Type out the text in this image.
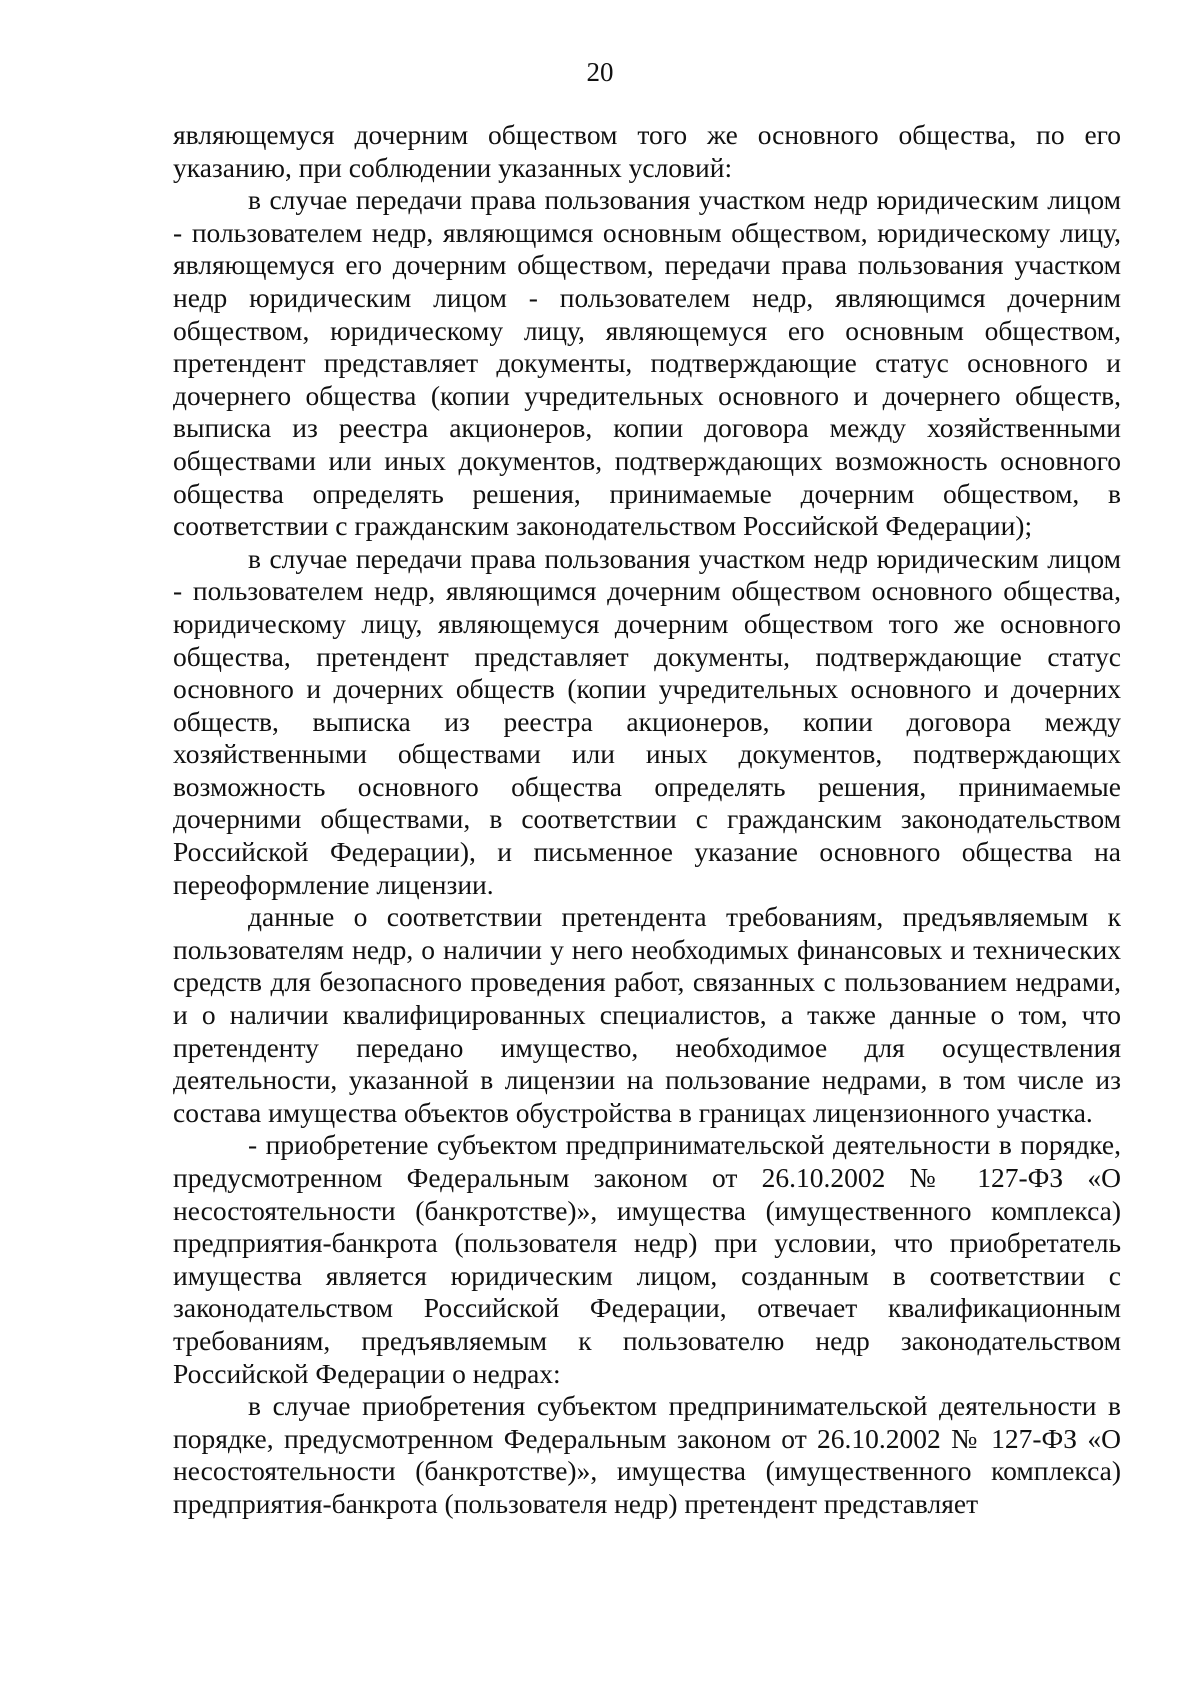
20

являющемуся дочерним обществом того же основного общества, по его указанию, при соблюдении указанных условий:

в случае передачи права пользования участком недр юридическим лицом - пользователем недр, являющимся основным обществом, юридическому лицу, являющемуся его дочерним обществом, передачи права пользования участком недр юридическим лицом - пользователем недр, являющимся дочерним обществом, юридическому лицу, являющемуся его основным обществом, претендент представляет документы, подтверждающие статус основного и дочернего общества (копии учредительных основного и дочернего обществ, выписка из реестра акционеров, копии договора между хозяйственными обществами или иных документов, подтверждающих возможность основного общества определять решения, принимаемые дочерним обществом, в соответствии с гражданским законодательством Российской Федерации);

в случае передачи права пользования участком недр юридическим лицом - пользователем недр, являющимся дочерним обществом основного общества, юридическому лицу, являющемуся дочерним обществом того же основного общества, претендент представляет документы, подтверждающие статус основного и дочерних обществ (копии учредительных основного и дочерних обществ, выписка из реестра акционеров, копии договора между хозяйственными обществами или иных документов, подтверждающих возможность основного общества определять решения, принимаемые дочерними обществами, в соответствии с гражданским законодательством Российской Федерации), и письменное указание основного общества на переоформление лицензии.

данные о соответствии претендента требованиям, предъявляемым к пользователям недр, о наличии у него необходимых финансовых и технических средств для безопасного проведения работ, связанных с пользованием недрами, и о наличии квалифицированных специалистов, а также данные о том, что претенденту передано имущество, необходимое для осуществления деятельности, указанной в лицензии на пользование недрами, в том числе из состава имущества объектов обустройства в границах лицензионного участка.

- приобретение субъектом предпринимательской деятельности в порядке, предусмотренном Федеральным законом от 26.10.2002 № 127-ФЗ «О несостоятельности (банкротстве)», имущества (имущественного комплекса) предприятия-банкрота (пользователя недр) при условии, что приобретатель имущества является юридическим лицом, созданным в соответствии с законодательством Российской Федерации, отвечает квалификационным требованиям, предъявляемым к пользователю недр законодательством Российской Федерации о недрах:

в случае приобретения субъектом предпринимательской деятельности в порядке, предусмотренном Федеральным законом от 26.10.2002 № 127-ФЗ «О несостоятельности (банкротстве)», имущества (имущественного комплекса) предприятия-банкрота (пользователя недр) претендент представляет
